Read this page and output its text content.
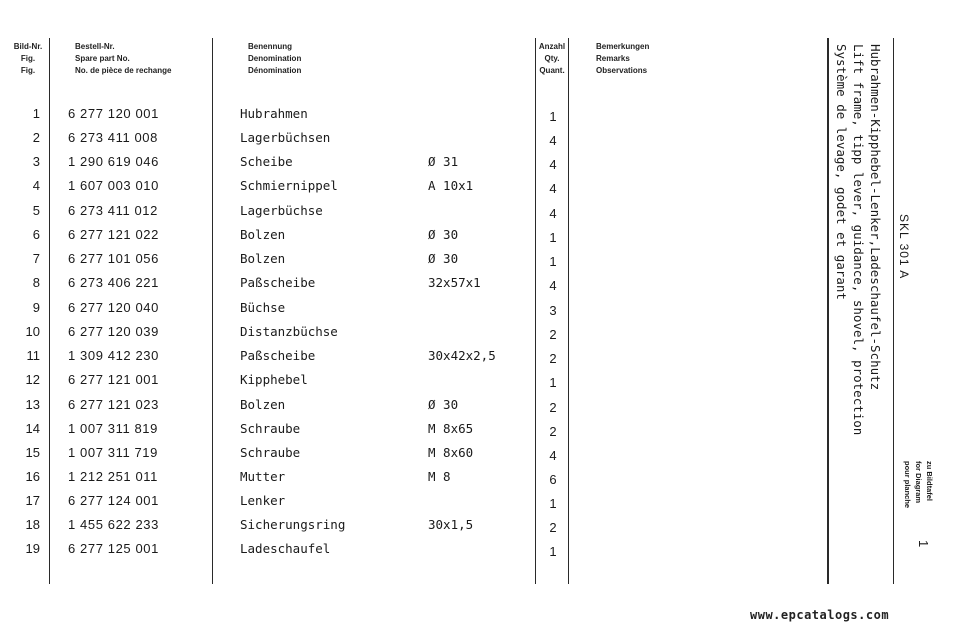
Bild-Nr.
Fig.
Fig.
Bestell-Nr.
Spare part No.
No. de pièce de rechange
Benennung
Denomination
Dénomination
Anzahl
Qty.
Quant.
Bemerkungen
Remarks
Observations
1 6 277 120 001	Hubrahmen	1
2 6 273 411 008	Lagerbüchsen	4
3 1 290 619 046	Scheibe	Ø 31	4
4 1 607 003 010	Schmiernippel	A 10x1	4
5 6 273 411 012	Lagerbüchse	4
6 6 277 121 022	Bolzen	Ø 30	1
7 6 277 101 056	Bolzen	Ø 30	1
8 6 273 406 221	Paßscheibe	32x57x1	4
9 6 277 120 040	Büchse	3
10 6 277 120 039	Distanzbüchse	2
11 1 309 412 230	Paßscheibe	30x42x2,5	2
12 6 277 121 001	Kipphebel	1
13 6 277 121 023	Bolzen	Ø 30	2
14 1 007 311 819	Schraube	M 8x65	2
15 1 007 311 719	Schraube	M 8x60	4
16 1 212 251 011	Mutter	M 8	6
17 6 277 124 001	Lenker	1
18 1 455 622 233	Sicherungsring	30x1,5	2
19 6 277 125 001	Ladeschaufel	1
Hubrahmen-Kipphebel-Lenker,Ladeschaufel-Schutz
Lift frame, tipp lever, guidance, shovel, protection
Système de levage, godet et garant	SKL 301 A
zu Bildtafel
for Diagram
pour planche
1
www.epcatalogs.com
